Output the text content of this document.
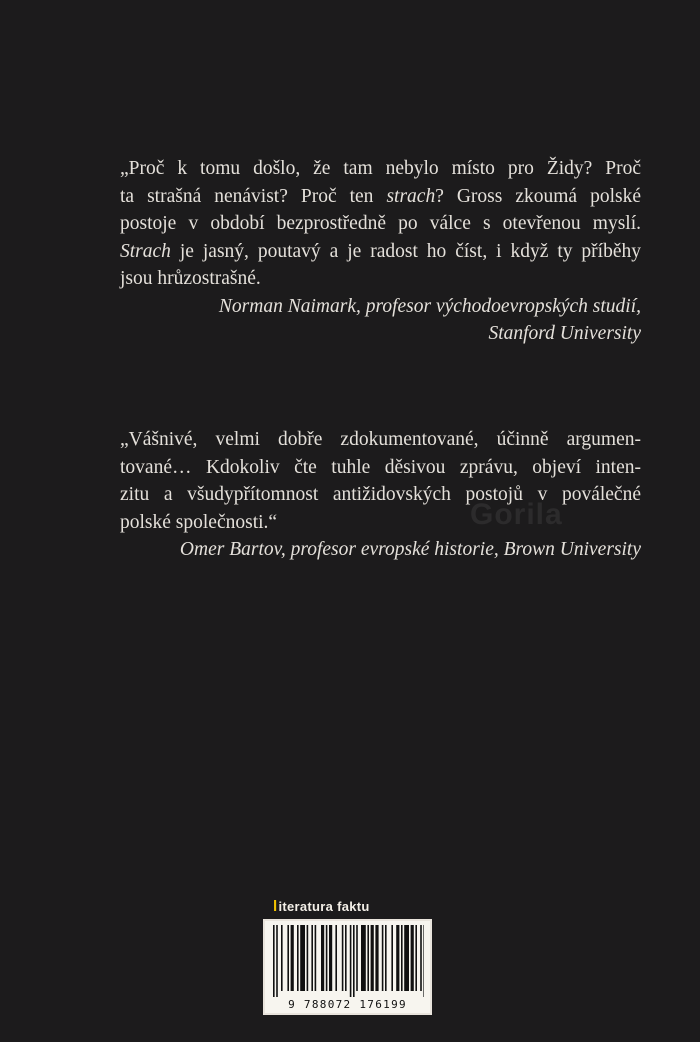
„Proč k tomu došlo, že tam nebylo místo pro Židy? Proč
ta strašná nenávist? Proč ten strach? Gross zkoumá polské
postoje v období bezprostředně po válce s otevřenou myslí.
Strach je jasný, poutavý a je radost ho číst, i když ty příběhy
jsou hrůzostrašné.
Norman Naimark, profesor východoevropských studií,
Stanford University
„Vášnivé, velmi dobře zdokumentované, účinně argumen-
tované… Kdokoliv čte tuhle děsivou zprávu, objeví inten-
zitu a všudypřítomnost antižidovských postojů v poválečné
polské společnosti.“
Omer Bartov, profesor evropské historie, Brown University
Gorila
literatura faktu
9 788072 176199
